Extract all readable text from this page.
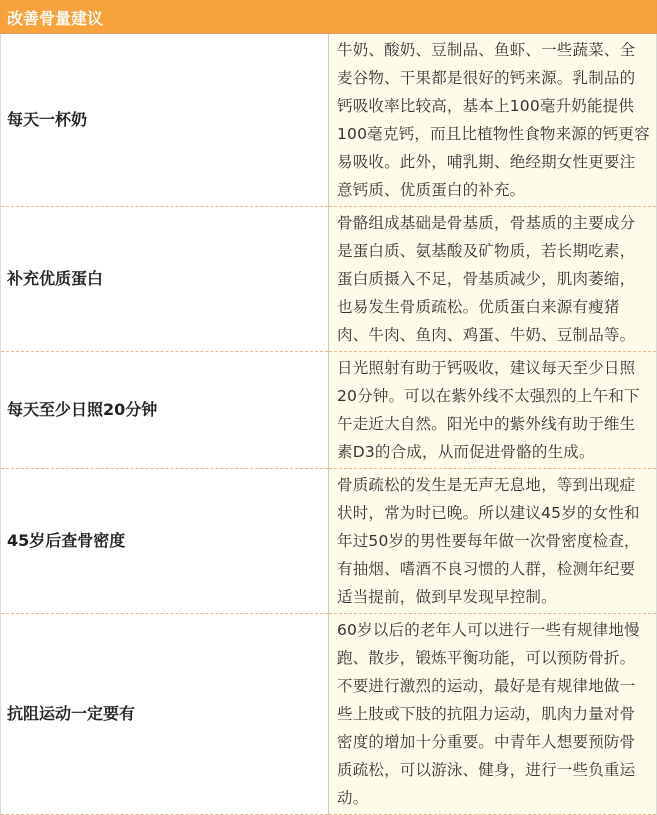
改善骨量建议	
每天一杯奶	牛奶、酸奶、豆制品、鱼虾、一些蔬菜、全麦谷物、干果都是很好的钙来源。乳制品的钙吸收率比较高，基本上100毫升奶能提供100毫克钙，而且比植物性食物来源的钙更容易吸收。此外，哺乳期、绝经期女性更要注意钙质、优质蛋白的补充。
补充优质蛋白	骨骼组成基础是骨基质，骨基质的主要成分是蛋白质、氨基酸及矿物质，若长期吃素，蛋白质摄入不足，骨基质减少，肌肉萎缩，也易发生骨质疏松。优质蛋白来源有瘦猪肉、牛肉、鱼肉、鸡蛋、牛奶、豆制品等。
每天至少日照20分钟	日光照射有助于钙吸收，建议每天至少日照20分钟。可以在紫外线不太强烈的上午和下午走近大自然。阳光中的紫外线有助于维生素D3的合成，从而促进骨骼的生成。
45岁后查骨密度	骨质疏松的发生是无声无息地，等到出现症状时，常为时已晚。所以建议45岁的女性和年过50岁的男性要每年做一次骨密度检查，有抽烟、嗜酒不良习惯的人群，检测年纪要适当提前，做到早发现早控制。
抗阻运动一定要有	60岁以后的老年人可以进行一些有规律地慢跑、散步，锻炼平衡功能，可以预防骨折。不要进行激烈的运动，最好是有规律地做一些上肢或下肢的抗阻力运动，肌肉力量对骨密度的增加十分重要。中青年人想要预防骨质疏松，可以游泳、健身，进行一些负重运动。
